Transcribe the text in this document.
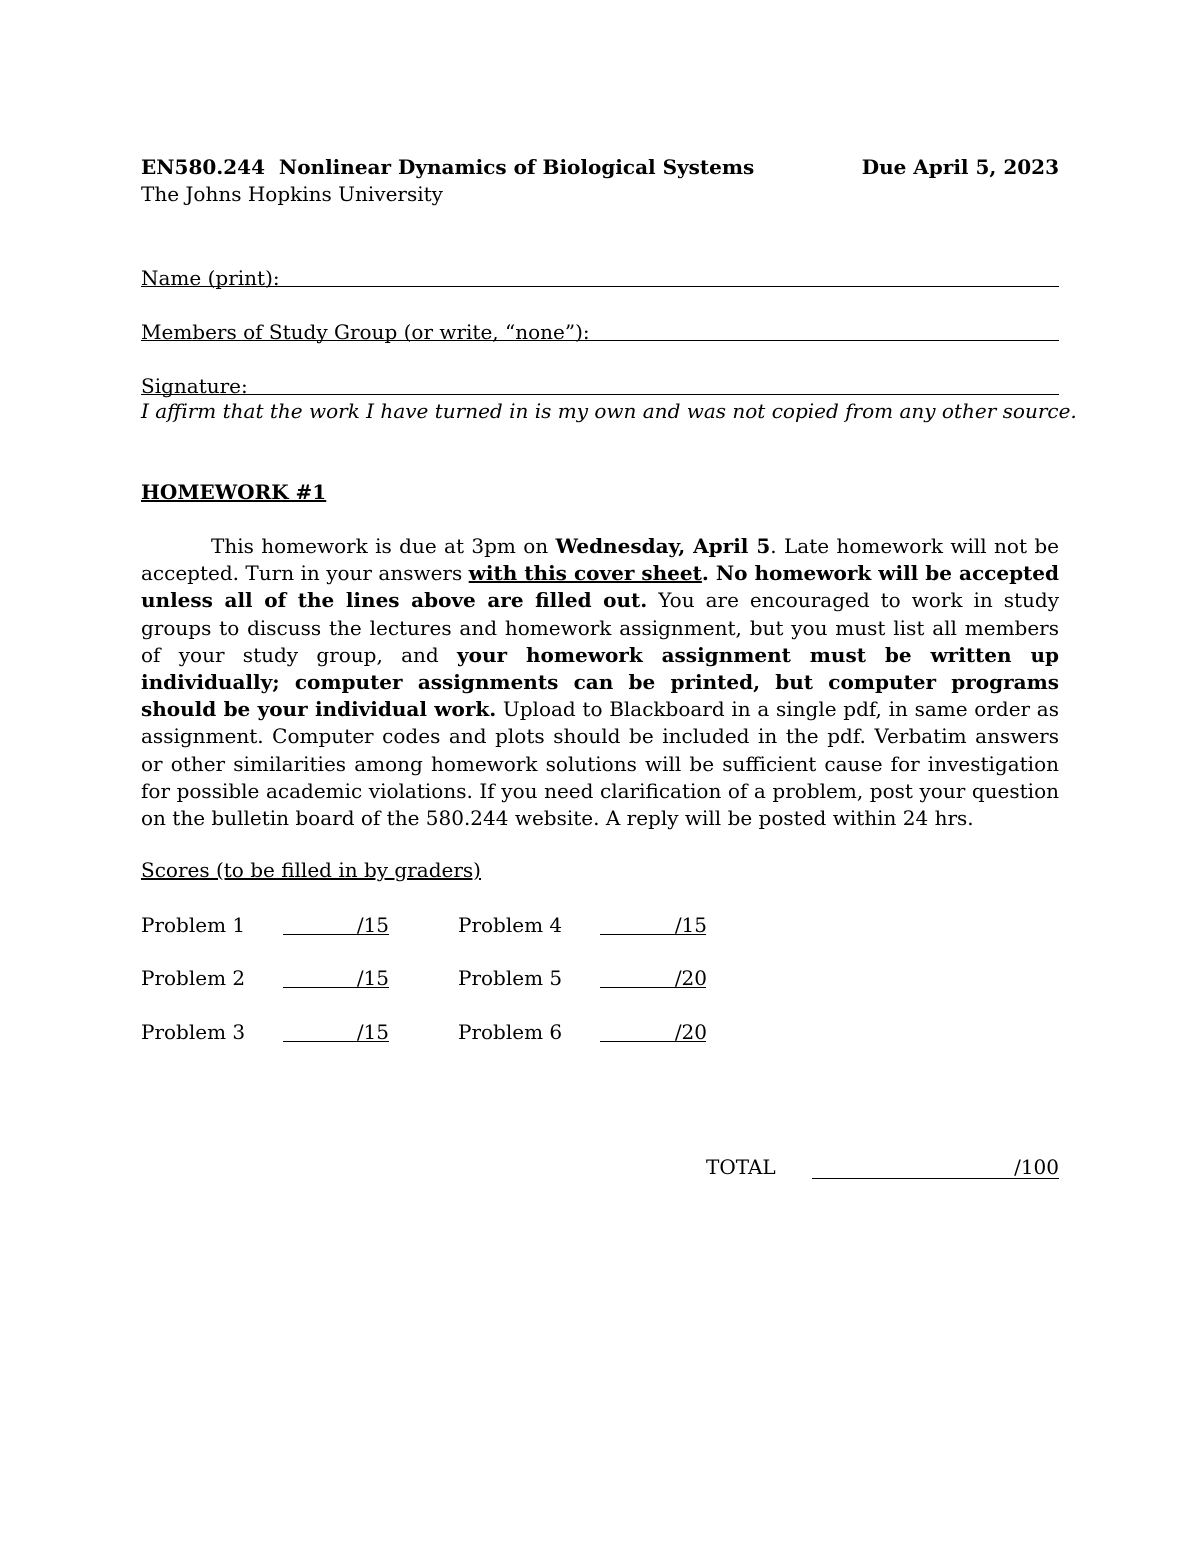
EN580.244 Nonlinear Dynamics of Biological Systems	Due April 5, 2023
The Johns Hopkins University
Name (print):
Members of Study Group (or write, “none”):
Signature:
I affirm that the work I have turned in is my own and was not copied from any other source.
HOMEWORK #1
This homework is due at 3pm on Wednesday, April 5. Late homework will not be accepted. Turn in your answers with this cover sheet. No homework will be accepted unless all of the lines above are filled out. You are encouraged to work in study groups to discuss the lectures and homework assignment, but you must list all members of your study group, and your homework assignment must be written up individually; computer assignments can be printed, but computer programs should be your individual work. Upload to Blackboard in a single pdf, in same order as assignment. Computer codes and plots should be included in the pdf. Verbatim answers or other similarities among homework solutions will be sufficient cause for investigation for possible academic violations. If you need clarification of a problem, post your question on the bulletin board of the 580.244 website. A reply will be posted within 24 hrs.
Scores (to be filled in by graders)
Problem 1	/15
Problem 2	/15
Problem 3	/15
Problem 4	/15
Problem 5	/20
Problem 6	/20
TOTAL	/100
